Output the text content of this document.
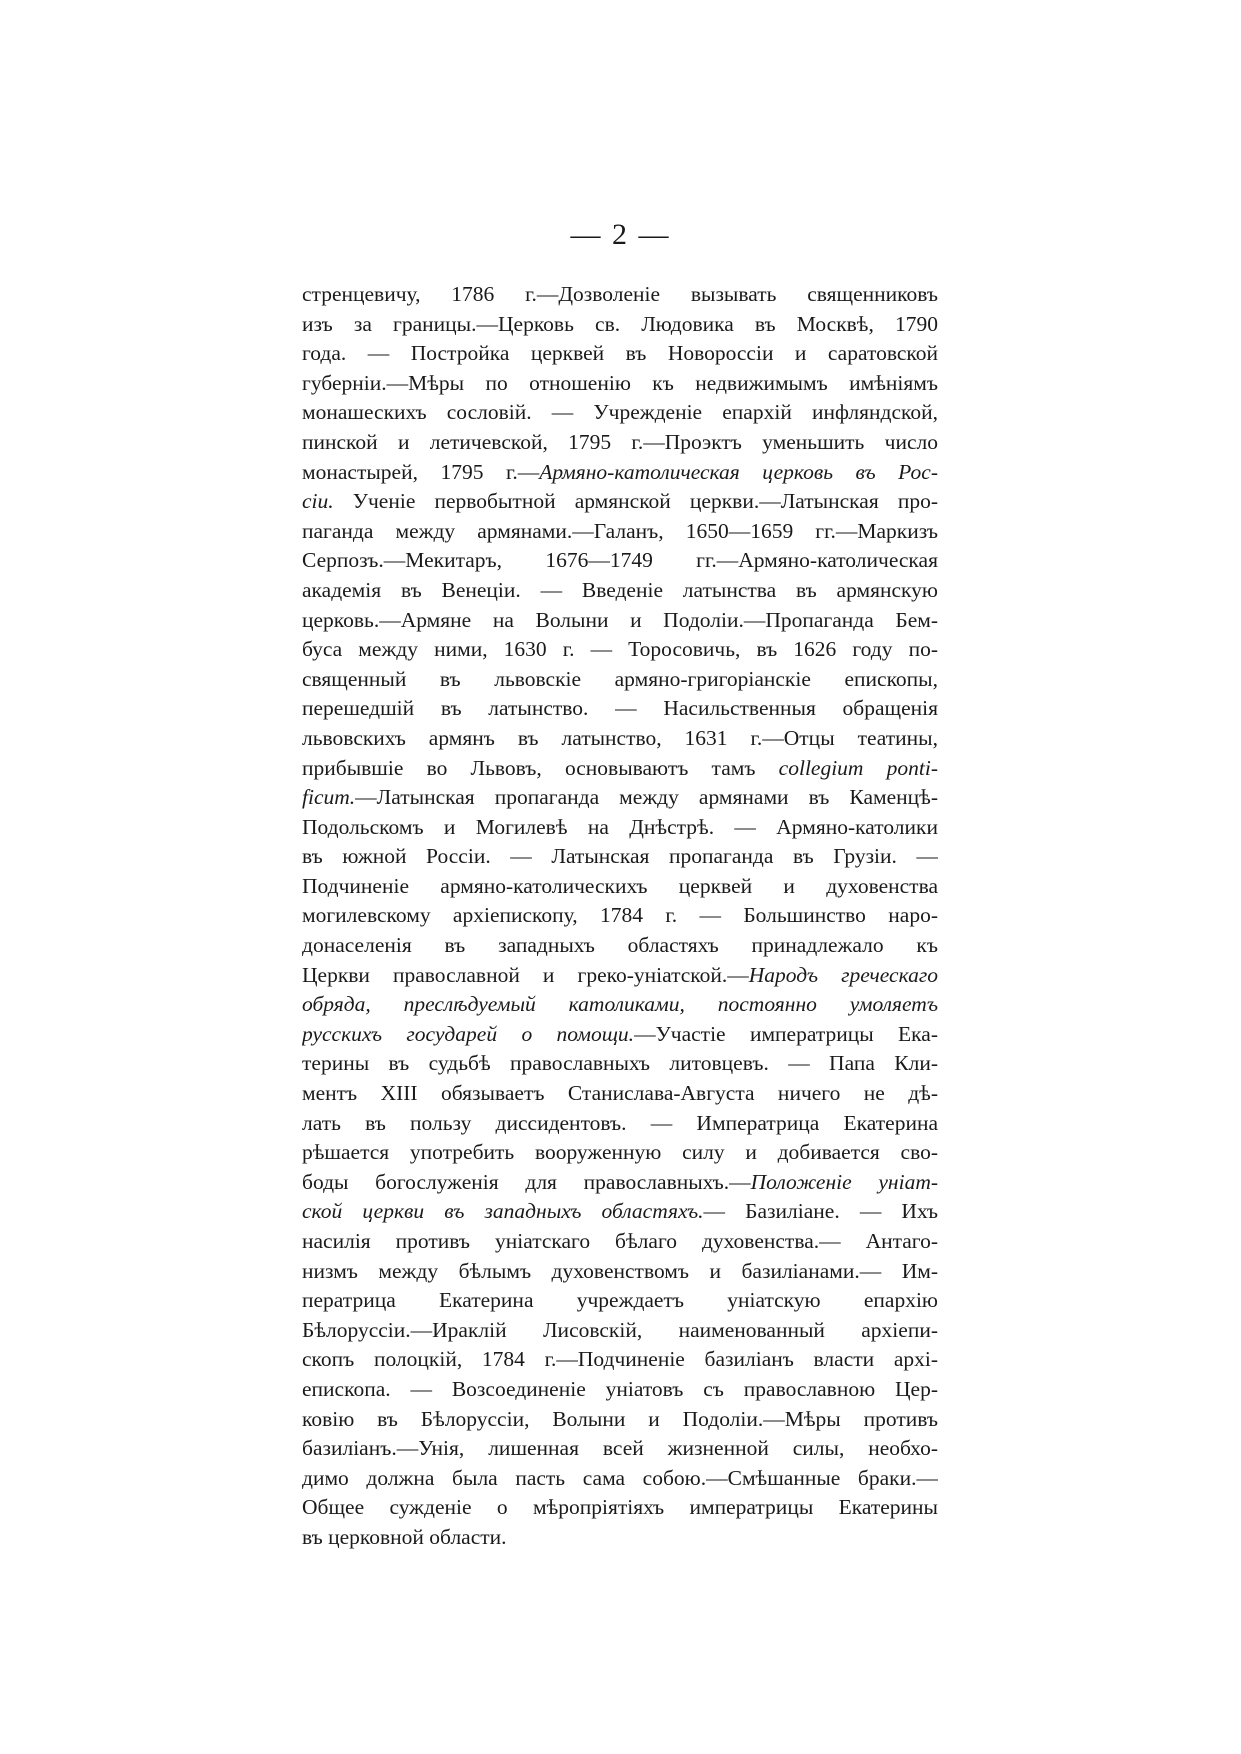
— 2 —
стренцевичу, 1786 г.—Дозволеніе вызывать священниковъ
изъ за границы.—Церковь св. Людовика въ Москвѣ, 1790
года. — Постройка церквей въ Новороссіи и саратовской
губерніи.—Мѣры по отношенію къ недвижимымъ имѣніямъ
монашескихъ сословій. — Учрежденіе епархій инфляндской,
пинской и летичевской, 1795 г.—Проэктъ уменьшить число
монастырей, 1795 г.—Армяно-католическая церковь въ Рос-
сіи. Ученіе первобытной армянской церкви.—Латынская про-
паганда между армянами.—Галанъ, 1650—1659 гг.—Маркизъ
Серпозъ.—Мекитаръ, 1676—1749 гг.—Армяно-католическая
академія въ Венеціи. — Введеніе латынства въ армянскую
церковь.—Армяне на Волыни и Подоліи.—Пропаганда Бем-
буса между ними, 1630 г. — Торосовичь, въ 1626 году по-
священный въ львовскіе армяно-григоріанскіе епископы,
перешедшій въ латынство. — Насильственныя обращенія
львовскихъ армянъ въ латынство, 1631 г.—Отцы театины,
прибывшіе во Львовъ, основываютъ тамъ collegium ponti-
ficum.—Латынская пропаганда между армянами въ Каменцѣ-
Подольскомъ и Могилевѣ на Днѣстрѣ. — Армяно-католики
въ южной Россіи. — Латынская пропаганда въ Грузіи. —
Подчиненіе армяно-католическихъ церквей и духовенства
могилевскому архіепископу, 1784 г. — Большинство наро-
донаселенія въ западныхъ областяхъ принадлежало къ
Церкви православной и греко-уніатской.—Народъ греческаго
обряда, преслѣдуемый католиками, постоянно умоляетъ
русскихъ государей о помощи.—Участіе императрицы Ека-
терины въ судьбѣ православныхъ литовцевъ. — Папа Кли-
ментъ XIII обязываетъ Станислава-Августа ничего не дѣ-
лать въ пользу диссидентовъ. — Императрица Екатерина
рѣшается употребить вооруженную силу и добивается сво-
боды богослуженія для православныхъ.—Положеніе уніат-
ской церкви въ западныхъ областяхъ.— Базиліане. — Ихъ
насилія противъ уніатскаго бѣлаго духовенства.— Антаго-
низмъ между бѣлымъ духовенствомъ и базиліанами.— Им-
ператрица Екатерина учреждаетъ уніатскую епархію
Бѣлоруссіи.—Ираклій Лисовскій, наименованный архіепи-
скопъ полоцкій, 1784 г.—Подчиненіе базиліанъ власти архі-
епископа. — Возсоединеніе уніатовъ съ православною Цер-
ковію въ Бѣлоруссіи, Волыни и Подоліи.—Мѣры противъ
базиліанъ.—Унія, лишенная всей жизненной силы, необхо-
димо должна была пасть сама собою.—Смѣшанные браки.—
Общее сужденіе о мѣропріятіяхъ императрицы Екатерины
въ церковной области.
